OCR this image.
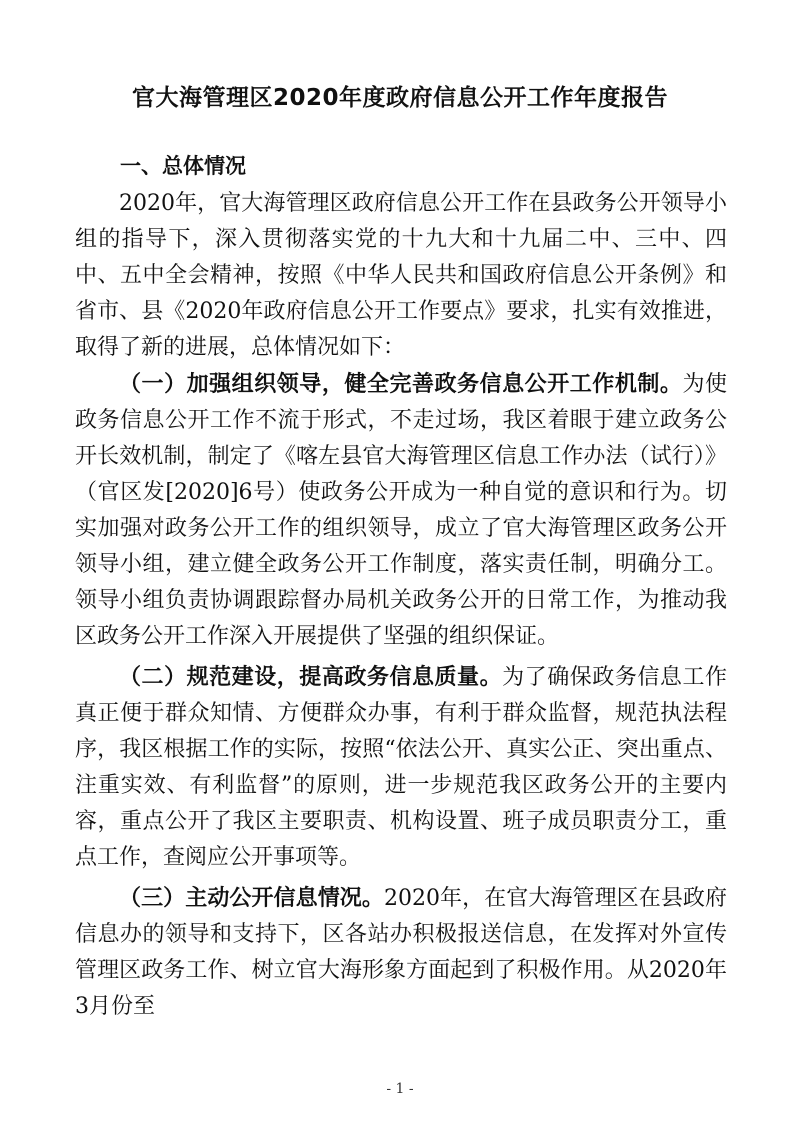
官大海管理区2020年度政府信息公开工作年度报告
一、总体情况

2020年，官大海管理区政府信息公开工作在县政务公开领导小组的指导下，深入贯彻落实党的十九大和十九届二中、三中、四中、五中全会精神，按照《中华人民共和国政府信息公开条例》和省市、县《2020年政府信息公开工作要点》要求，扎实有效推进，取得了新的进展，总体情况如下：

（一）加强组织领导，健全完善政务信息公开工作机制。为使政务信息公开工作不流于形式，不走过场，我区着眼于建立政务公开长效机制，制定了《喀左县官大海管理区信息工作办法（试行）》（官区发[2020]6号）使政务公开成为一种自觉的意识和行为。切实加强对政务公开工作的组织领导，成立了官大海管理区政务公开领导小组，建立健全政务公开工作制度，落实责任制，明确分工。领导小组负责协调跟踪督办局机关政务公开的日常工作，为推动我区政务公开工作深入开展提供了坚强的组织保证。

（二）规范建设，提高政务信息质量。为了确保政务信息工作真正便于群众知情、方便群众办事，有利于群众监督，规范执法程序，我区根据工作的实际，按照“依法公开、真实公正、突出重点、注重实效、有利监督”的原则，进一步规范我区政务公开的主要内容，重点公开了我区主要职责、机构设置、班子成员职责分工，重点工作，查阅应公开事项等。

（三）主动公开信息情况。2020年，在官大海管理区在县政府信息办的领导和支持下，区各站办积极报送信息，在发挥对外宣传管理区政务工作、树立官大海形象方面起到了积极作用。从2020年3月份至

- 1 -
